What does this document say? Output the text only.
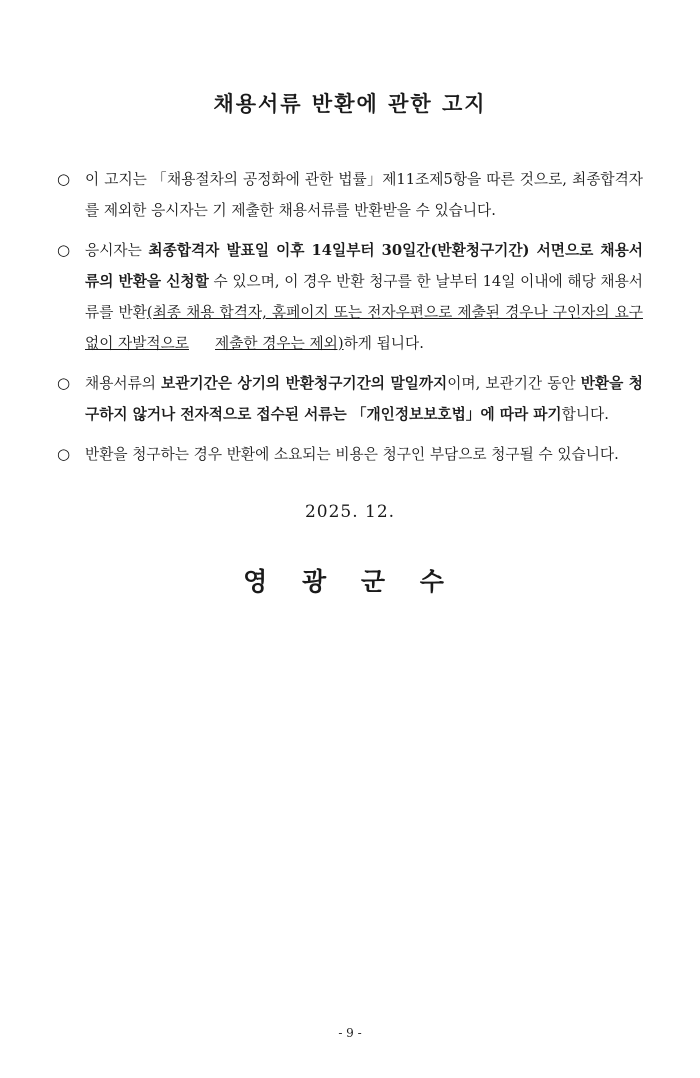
채용서류 반환에 관한 고지
○	이 고지는 「채용절차의 공정화에 관한 법률」제11조제5항을 따른 것으로, 최종합격자를 제외한 응시자는 기 제출한 채용서류를 반환받을 수 있습니다.
○	응시자는 최종합격자 발표일 이후 14일부터 30일간(반환청구기간) 서면으로 채용서류의 반환을 신청할 수 있으며, 이 경우 반환 청구를 한 날부터 14일 이내에 해당 채용서류를 반환(최종 채용 합격자, 홈페이지 또는 전자우편으로 제출된 경우나 구인자의 요구 없이 자발적으로 제출한 경우는 제외)하게 됩니다.
○	채용서류의 보관기간은 상기의 반환청구기간의 말일까지이며, 보관기간 동안 반환을 청구하지 않거나 전자적으로 접수된 서류는 「개인정보보호법」에 따라 파기합니다.
○	반환을 청구하는 경우 반환에 소요되는 비용은 청구인 부담으로 청구될 수 있습니다.
2025. 12.
영 광 군 수
- 9 -
